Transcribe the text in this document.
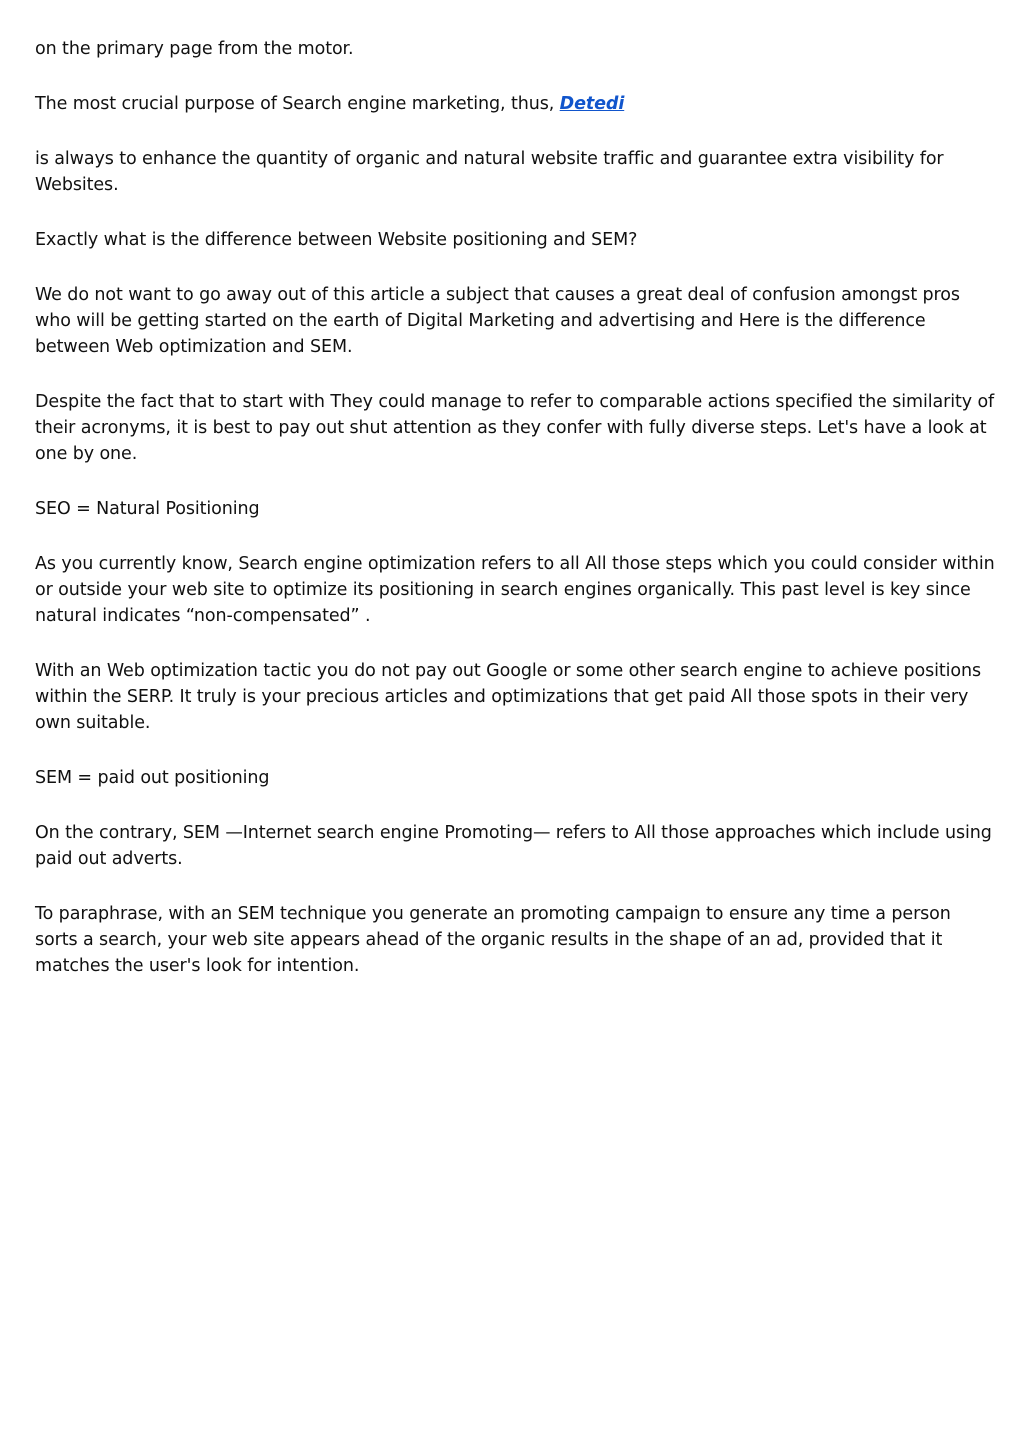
on the primary page from the motor.

The most crucial purpose of Search engine marketing, thus, Detedi

is always to enhance the quantity of organic and natural website traffic and guarantee extra visibility for Websites.

Exactly what is the difference between Website positioning and SEM?

We do not want to go away out of this article a subject that causes a great deal of confusion amongst pros who will be getting started on the earth of Digital Marketing and advertising and Here is the difference between Web optimization and SEM.

Despite the fact that to start with They could manage to refer to comparable actions specified the similarity of their acronyms, it is best to pay out shut attention as they confer with fully diverse steps. Let's have a look at one by one.

SEO = Natural Positioning

As you currently know, Search engine optimization refers to all All those steps which you could consider within or outside your web site to optimize its positioning in search engines organically. This past level is key since natural indicates “non-compensated” .

With an Web optimization tactic you do not pay out Google or some other search engine to achieve positions within the SERP. It truly is your precious articles and optimizations that get paid All those spots in their very own suitable.

SEM = paid out positioning

On the contrary, SEM —Internet search engine Promoting— refers to All those approaches which include using paid out adverts.

To paraphrase, with an SEM technique you generate an promoting campaign to ensure any time a person sorts a search, your web site appears ahead of the organic results in the shape of an ad, provided that it matches the user's look for intention.
